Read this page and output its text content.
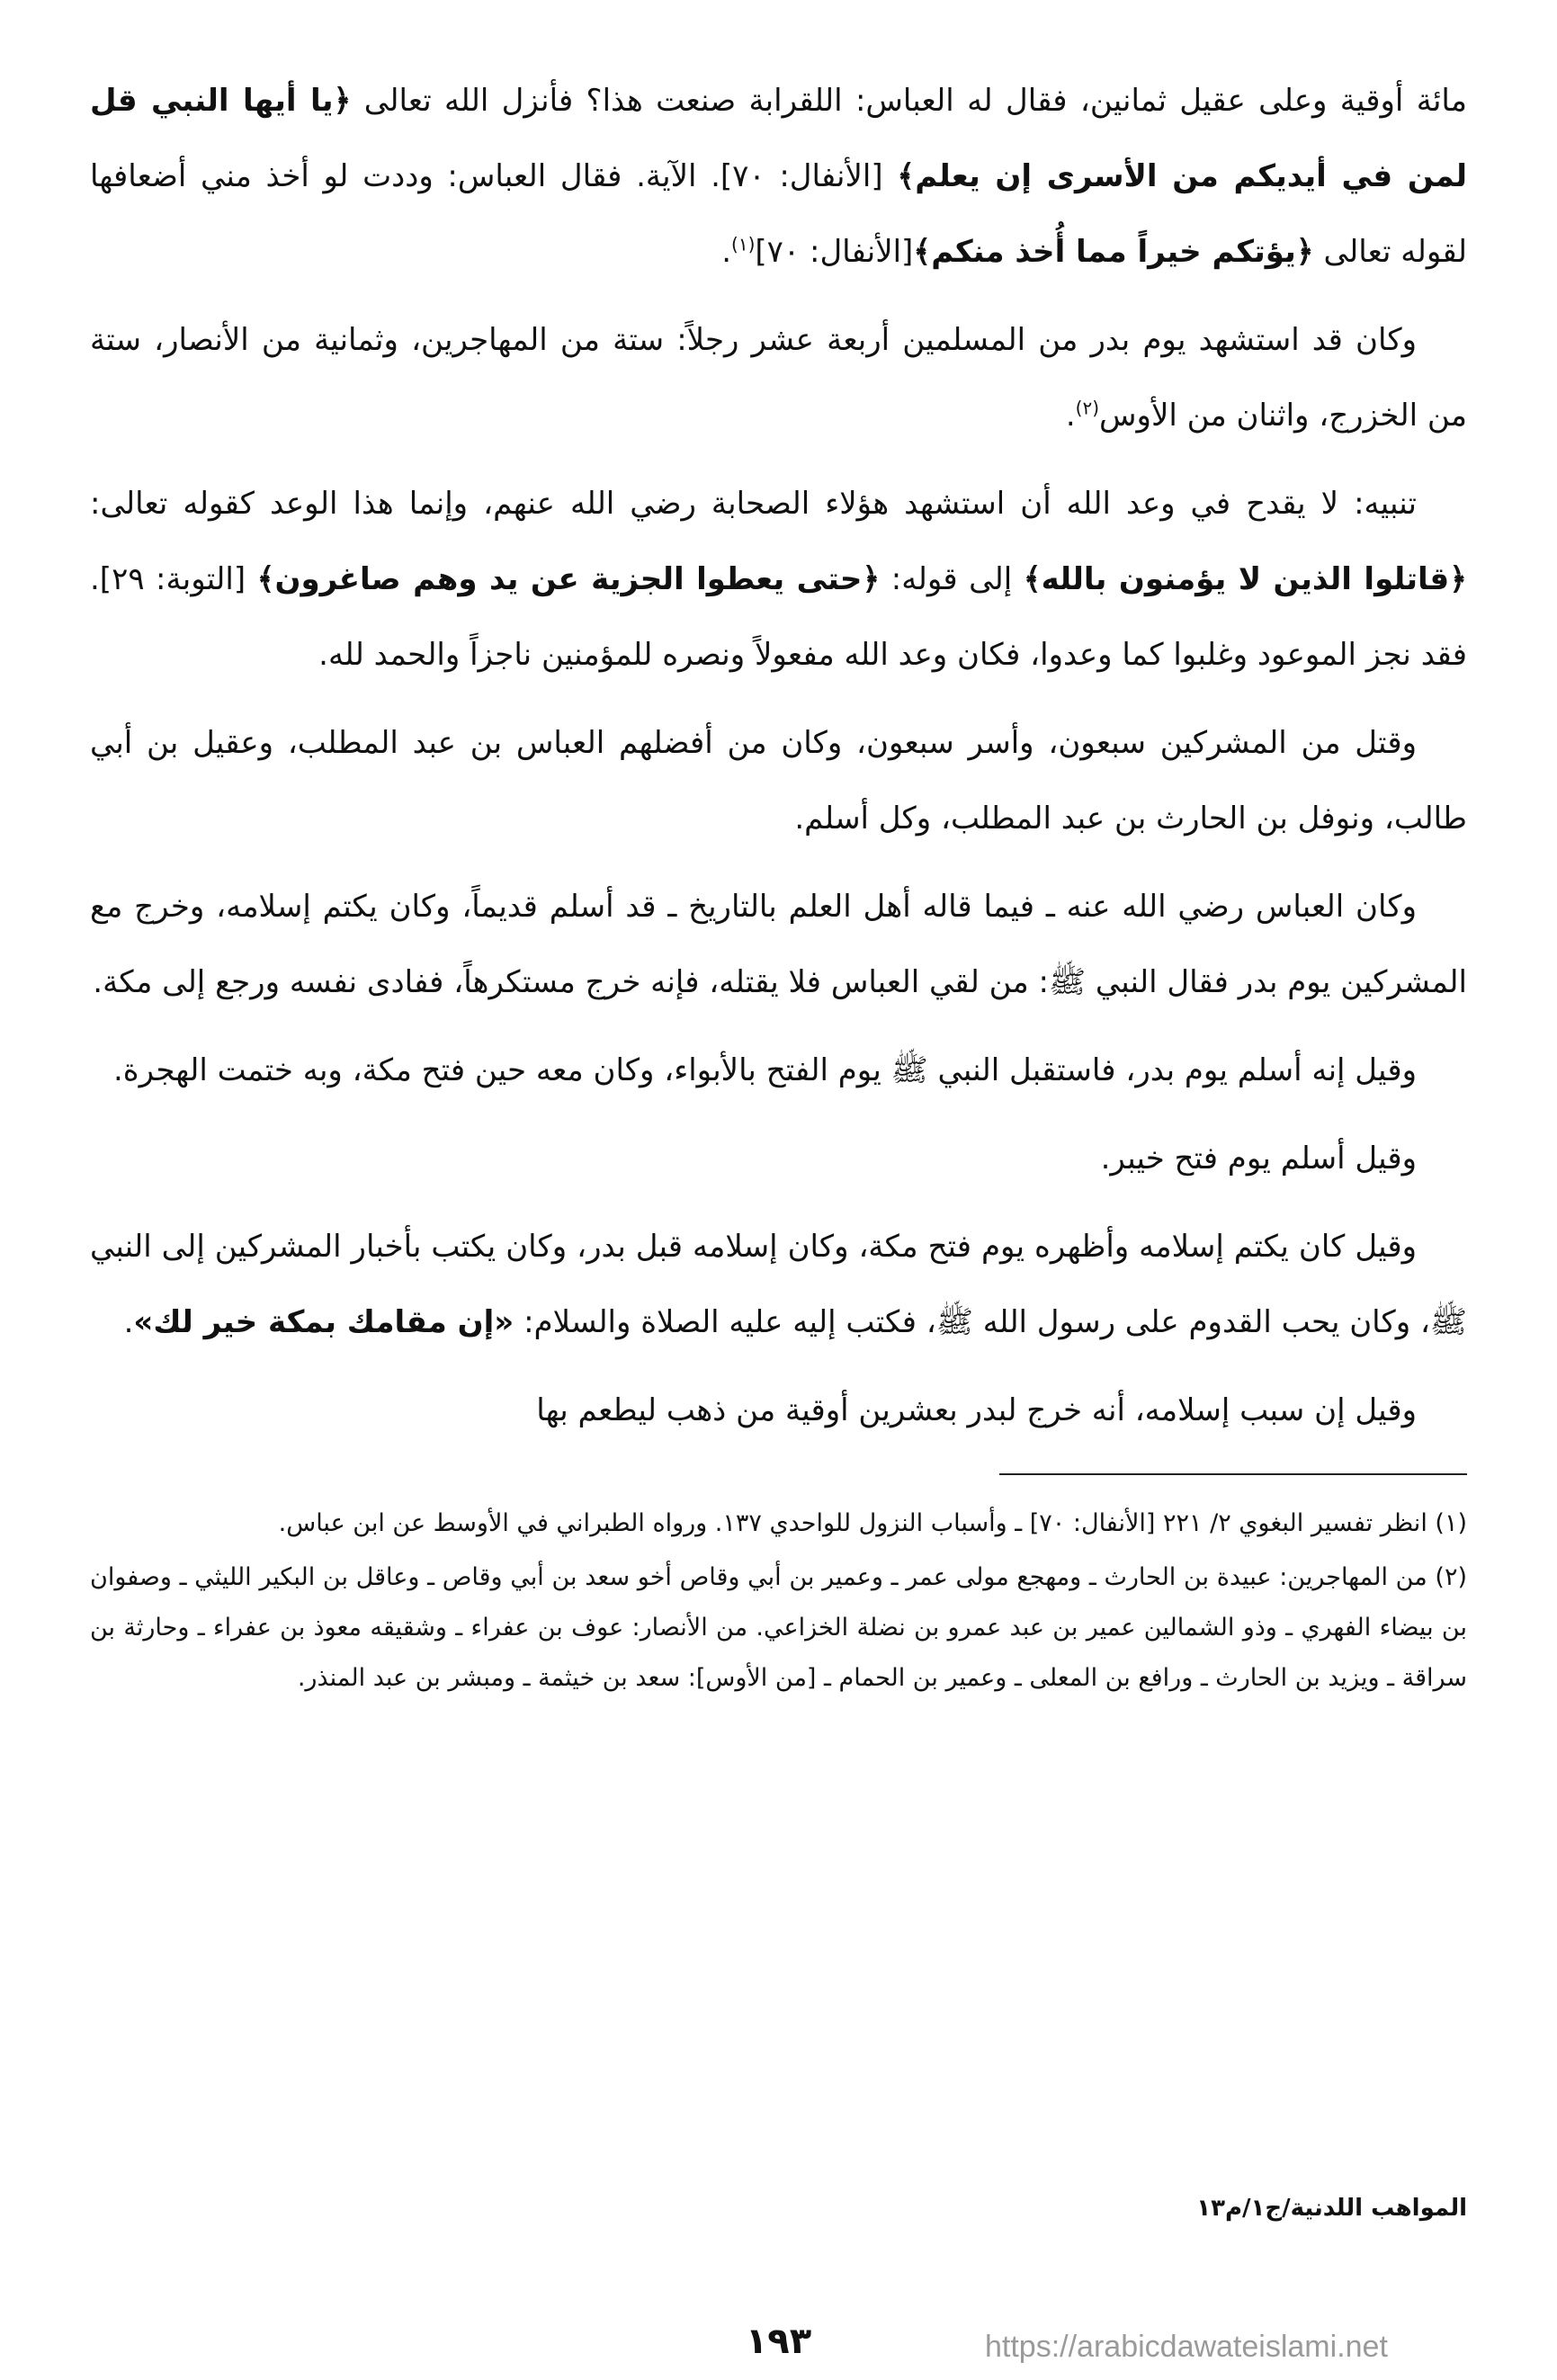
مائة أوقية وعلى عقيل ثمانين، فقال له العباس: اللقرابة صنعت هذا؟ فأنزل الله تعالى ﴿يا أيها النبي قل لمن في أيديكم من الأسرى إن يعلم﴾ [الأنفال: ٧٠]. الآية. فقال العباس: وددت لو أخذ مني أضعافها لقوله تعالى ﴿يؤتكم خيراً مما أُخذ منكم﴾[الأنفال: ٧٠]$^{(١)}$.

وكان قد استشهد يوم بدر من المسلمين أربعة عشر رجلاً: ستة من المهاجرين، وثمانية من الأنصار، ستة من الخزرج، واثنان من الأوس$^{(٢)}$.

تنبيه: لا يقدح في وعد الله أن استشهد هؤلاء الصحابة رضي الله عنهم، وإنما هذا الوعد كقوله تعالى: ﴿قاتلوا الذين لا يؤمنون بالله﴾ إلى قوله: ﴿حتى يعطوا الجزية عن يد وهم صاغرون﴾ [التوبة: ٢٩]. فقد نجز الموعود وغلبوا كما وعدوا، فكان وعد الله مفعولاً ونصره للمؤمنين ناجزاً والحمد لله.

وقتل من المشركين سبعون، وأسر سبعون، وكان من أفضلهم العباس بن عبد المطلب، وعقيل بن أبي طالب، ونوفل بن الحارث بن عبد المطلب، وكل أسلم.

وكان العباس رضي الله عنه ـ فيما قاله أهل العلم بالتاريخ ـ قد أسلم قديماً، وكان يكتم إسلامه، وخرج مع المشركين يوم بدر فقال النبي ﷺ: من لقي العباس فلا يقتله، فإنه خرج مستكرهاً، ففادى نفسه ورجع إلى مكة.

وقيل إنه أسلم يوم بدر، فاستقبل النبي ﷺ يوم الفتح بالأبواء، وكان معه حين فتح مكة، وبه ختمت الهجرة.

وقيل أسلم يوم فتح خيبر.

وقيل كان يكتم إسلامه وأظهره يوم فتح مكة، وكان إسلامه قبل بدر، وكان يكتب بأخبار المشركين إلى النبي ﷺ، وكان يحب القدوم على رسول الله ﷺ، فكتب إليه عليه الصلاة والسلام: «إن مقامك بمكة خير لك».

وقيل إن سبب إسلامه، أنه خرج لبدر بعشرين أوقية من ذهب ليطعم بها

(١) انظر تفسير البغوي ٢/ ٢٢١ [الأنفال: ٧٠] ـ وأسباب النزول للواحدي ١٣٧. ورواه الطبراني في الأوسط عن ابن عباس.

(٢) من المهاجرين: عبيدة بن الحارث ـ ومهجع مولى عمر ـ وعمير بن أبي وقاص أخو سعد بن أبي وقاص ـ وعاقل بن البكير الليثي ـ وصفوان بن بيضاء الفهري ـ وذو الشمالين عمير بن عبد عمرو بن نضلة الخزاعي. من الأنصار: عوف بن عفراء ـ وشقيقه معوذ بن عفراء ـ وحارثة بن سراقة ـ ويزيد بن الحارث ـ ورافع بن المعلى ـ وعمير بن الحمام ـ [من الأوس]: سعد بن خيثمة ـ ومبشر بن عبد المنذر.

المواهب اللدنية/ج١/م١٣
١٩٣	https://arabicdawateislami.net
